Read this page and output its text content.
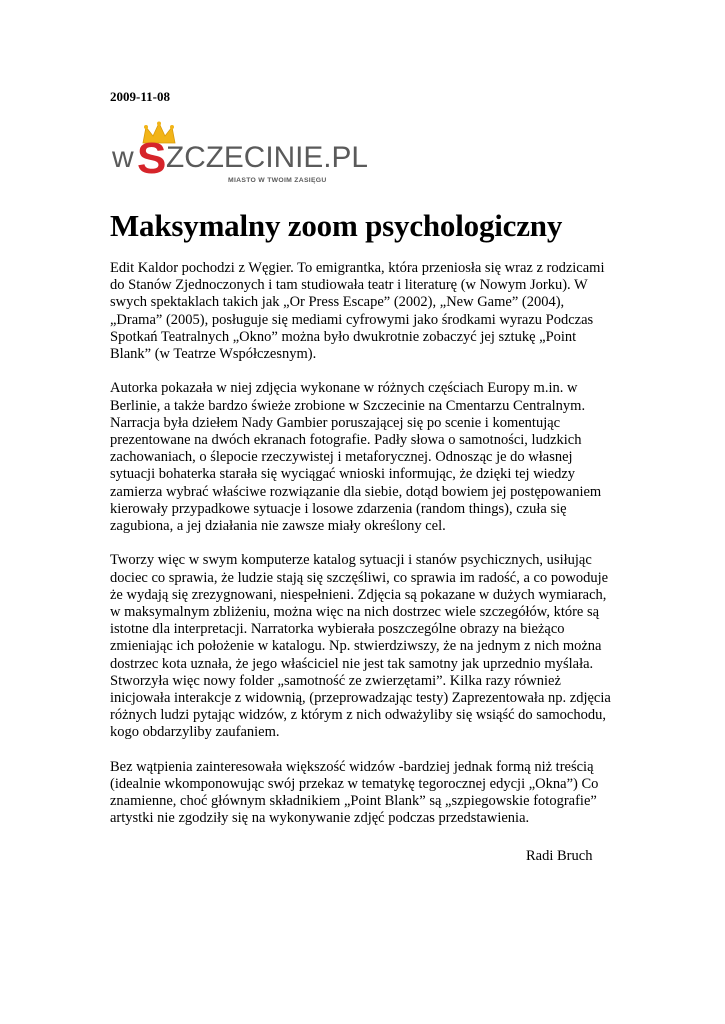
2009-11-08
w S ZCZECINIE.PL
MIASTO W TWOIM ZASIĘGU
Maksymalny zoom psychologiczny

Edit Kaldor pochodzi z Węgier. To emigrantka, która przeniosła się wraz z rodzicami
do Stanów Zjednoczonych i tam studiowała teatr i literaturę (w Nowym Jorku). W
swych spektaklach takich jak „Or Press Escape” (2002), „New Game” (2004),
„Drama” (2005), posługuje się mediami cyfrowymi jako środkami wyrazu Podczas
Spotkań Teatralnych „Okno” można było dwukrotnie zobaczyć jej sztukę „Point
Blank” (w Teatrze Współczesnym).

Autorka pokazała w niej zdjęcia wykonane w różnych częściach Europy m.in. w
Berlinie, a także bardzo świeże zrobione w Szczecinie na Cmentarzu Centralnym.
Narracja była dziełem Nady Gambier poruszającej się po scenie i komentując
prezentowane na dwóch ekranach fotografie. Padły słowa o samotności, ludzkich
zachowaniach, o ślepocie rzeczywistej i metaforycznej. Odnosząc je do własnej
sytuacji bohaterka starała się wyciągać wnioski informując, że dzięki tej wiedzy
zamierza wybrać właściwe rozwiązanie dla siebie, dotąd bowiem jej postępowaniem
kierowały przypadkowe sytuacje i losowe zdarzenia (random things), czuła się
zagubiona, a jej działania nie zawsze miały określony cel.

Tworzy więc w swym komputerze katalog sytuacji i stanów psychicznych, usiłując
dociec co sprawia, że ludzie stają się szczęśliwi, co sprawia im radość, a co powoduje
że wydają się zrezygnowani, niespełnieni. Zdjęcia są pokazane w dużych wymiarach,
w maksymalnym zbliżeniu, można więc na nich dostrzec wiele szczegółów, które są
istotne dla interpretacji. Narratorka wybierała poszczególne obrazy na bieżąco
zmieniając ich położenie w katalogu. Np. stwierdziwszy, że na jednym z nich można
dostrzec kota uznała, że jego właściciel nie jest tak samotny jak uprzednio myślała.
Stworzyła więc nowy folder „samotność ze zwierzętami”. Kilka razy również
inicjowała interakcje z widownią, (przeprowadzając testy) Zaprezentowała np. zdjęcia
różnych ludzi pytając widzów, z którym z nich odważyliby się wsiąść do samochodu,
kogo obdarzyliby zaufaniem.

Bez wątpienia zainteresowała większość widzów -bardziej jednak formą niż treścią
(idealnie wkomponowując swój przekaz w tematykę tegorocznej edycji „Okna”) Co
znamienne, choć głównym składnikiem „Point Blank” są „szpiegowskie fotografie”
artystki nie zgodziły się na wykonywanie zdjęć podczas przedstawienia.

Radi Bruch
